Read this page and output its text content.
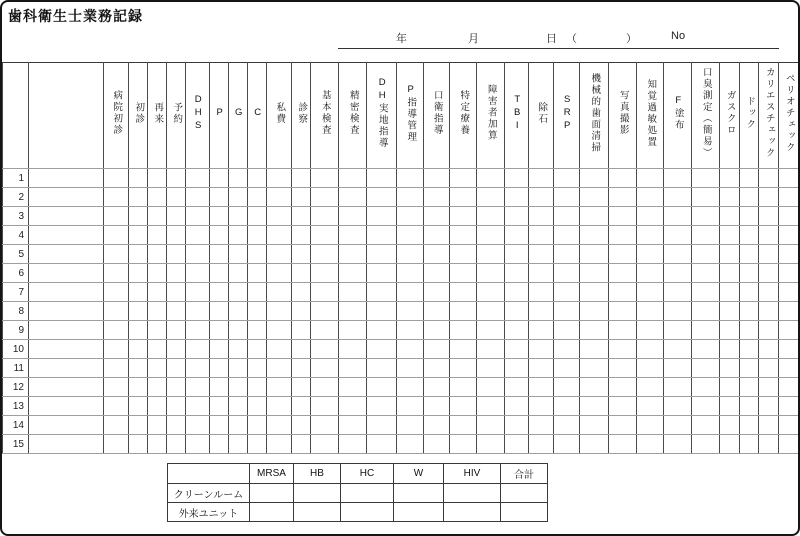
歯科衛生士業務記録
年	月	日 （	）	No
		病院初診	初診	再来	予約	DHS	P	G	C	私費	診察	基本検査	精密検査	DH実地指導	P指導管理	口衛指導	特定療養	障害者加算	TBI	除石	SRP	機械的歯面清掃	写真撮影	知覚過敏処置	F塗布	口臭測定（簡易）	ガスクロ	ドック	カリエスチェック	ペリオチェック
1																														
2																														
3																														
4																														
5																														
6																														
7																														
8																														
9																														
10																														
11																														
12																														
13																														
14																														
15																														
	MRSA	HB	HC	W	HIV	合計
クリーンルーム						
外来ユニット						
